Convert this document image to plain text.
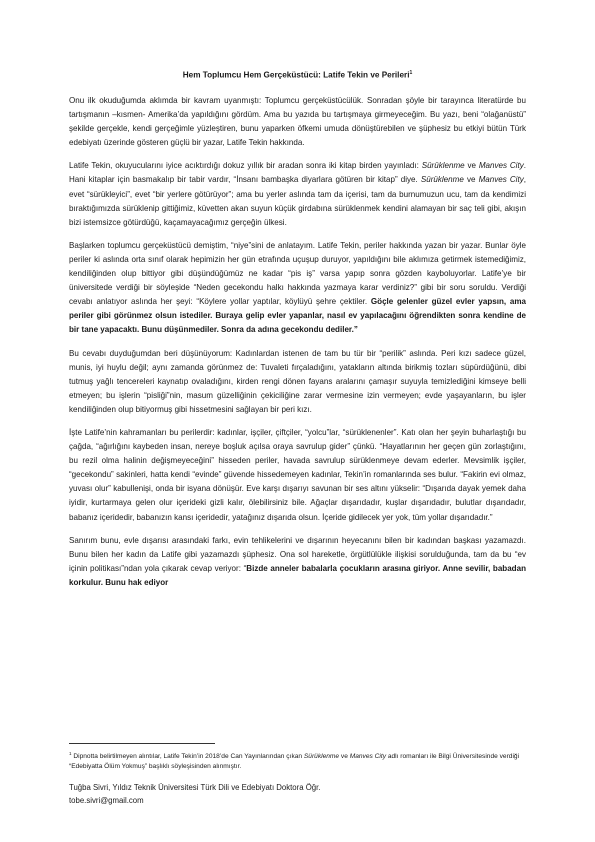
Hem Toplumcu Hem Gerçeküstücü: Latife Tekin ve Perileri$^1$

Onu ilk okuduğumda aklımda bir kavram uyanmıştı: Toplumcu gerçeküstücülük. Sonradan şöyle bir tarayınca literatürde bu tartışmanın –kısmen- Amerika’da yapıldığını gördüm. Ama bu yazıda bu tartışmaya girmeyeceğim. Bu yazı, beni “olağanüstü” şekilde gerçekle, kendi gerçeğimle yüzleştiren, bunu yaparken öfkemi umuda dönüştürebilen ve şüphesiz bu etkiyi bütün Türk edebiyatı üzerinde gösteren güçlü bir yazar, Latife Tekin hakkında.

Latife Tekin, okuyucularını iyice acıktırdığı dokuz yıllık bir aradan sonra iki kitap birden yayınladı: Sürüklenme ve Manves City. Hani kitaplar için basmakalıp bir tabir vardır, “İnsanı bambaşka diyarlara götüren bir kitap” diye. Sürüklenme ve Manves City, evet “sürükleyici”, evet “bir yerlere götürüyor”; ama bu yerler aslında tam da içerisi, tam da burnumuzun ucu, tam da kendimizi bıraktığımızda sürüklenip gittiğimiz, küvetten akan suyun küçük girdabına sürüklenmek kendini alamayan bir saç teli gibi, akışın bizi istemsizce götürdüğü, kaçamayacağımız gerçeğin ülkesi.

Başlarken toplumcu gerçeküstücü demiştim, “niye”sini de anlatayım. Latife Tekin, periler hakkında yazan bir yazar. Bunlar öyle periler ki aslında orta sınıf olarak hepimizin her gün etrafında uçuşup duruyor, yapıldığını bile aklımıza getirmek istemediğimiz, kendiliğinden olup bittiyor gibi düşündüğümüz ne kadar “pis iş” varsa yapıp sonra gözden kayboluyorlar. Latife’ye bir üniversitede verdiği bir söyleşide “Neden gecekondu halkı hakkında yazmaya karar verdiniz?” gibi bir soru soruldu. Verdiği cevabı anlatıyor aslında her şeyi: “Köylere yollar yaptılar, köylüyü şehre çektiler. Göçle gelenler güzel evler yapsın, ama periler gibi görünmez olsun istediler. Buraya gelip evler yapanlar, nasıl ev yapılacağını öğrendikten sonra kendine de bir tane yapacaktı. Bunu düşünmediler. Sonra da adına gecekondu dediler.”

Bu cevabı duyduğumdan beri düşünüyorum: Kadınlardan istenen de tam bu tür bir “perilik” aslında. Peri kızı sadece güzel, munis, iyi huylu değil; aynı zamanda görünmez de: Tuvaleti fırçaladığını, yatakların altında birikmiş tozları süpürdüğünü, dibi tutmuş yağlı tencereleri kaynatıp ovaladığını, kirden rengi dönen fayans aralarını çamaşır suyuyla temizlediğini kimseye belli etmeyen; bu işlerin “pisliği”nin, masum güzelliğinin çekiciliğine zarar vermesine izin vermeyen; evde yaşayanların, bu işler kendiliğinden olup bitiyormuş gibi hissetmesini sağlayan bir peri kızı.

İşte Latife’nin kahramanları bu perilerdir: kadınlar, işçiler, çiftçiler, “yolcu”lar, “sürüklenenler”. Katı olan her şeyin buharlaştığı bu çağda, “ağırlığını kaybeden insan, nereye boşluk açılsa oraya savrulup gider” çünkü. “Hayatlarının her geçen gün zorlaştığını, bu rezil olma halinin değişmeyeceğini” hisseden periler, havada savrulup sürüklenmeye devam ederler. Mevsimlik işçiler, “gecekondu” sakinleri, hatta kendi “evinde” güvende hissedemeyen kadınlar, Tekin’in romanlarında ses bulur. “Fakirin evi olmaz, yuvası olur” kabullenişi, onda bir isyana dönüşür. Eve karşı dışarıyı savunan bir ses altını yükselir: “Dışarıda dayak yemek daha iyidir, kurtarmaya gelen olur içerideki gizli kalır, ölebilirsiniz bile. Ağaçlar dışarıdadır, kuşlar dışarıdadır, bulutlar dışarıdadır, babanız içeridedir, babanızın kansı içeridedir, yatağınız dışarıda olsun. İçeride gidilecek yer yok, tüm yollar dışarıdadır.”

Sanırım bunu, evle dışarısı arasındaki farkı, evin tehlikelerini ve dışarının heyecanını bilen bir kadından başkası yazamazdı. Bunu bilen her kadın da Latife gibi yazamazdı şüphesiz. Ona sol hareketle, örgütlülükle ilişkisi sorulduğunda, tam da bu “ev içinin politikası”ndan yola çıkarak cevap veriyor: “Bizde anneler babalarla çocukların arasına giriyor. Anne sevilir, babadan korkulur. Bunu hak ediyor

$^1$ Dipnotta belirtilmeyen alıntılar, Latife Tekin’in 2018’de Can Yayınlarından çıkan Sürüklenme ve Manves City adlı romanları ile Bilgi Üniversitesinde verdiği “Edebiyatta Ölüm Yokmuş” başlıklı söyleşisinden alınmıştır.
Tuğba Sivri, Yıldız Teknik Üniversitesi Türk Dili ve Edebiyatı Doktora Öğr.
tobe.sivri@gmail.com
